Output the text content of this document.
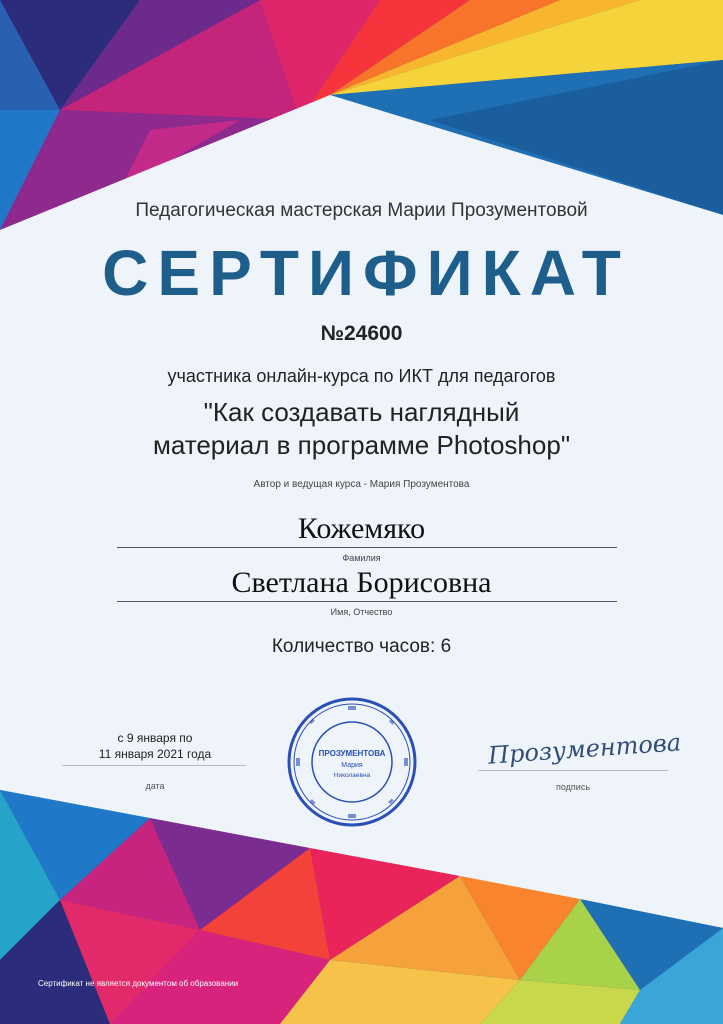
Педагогическая мастерская Марии Прозументовой
СЕРТИФИКАТ
№24600
участника онлайн-курса по ИКТ для педагогов
"Как создавать наглядный
материал в программе Photoshop"
Автор и ведущая курса - Мария Прозументова
Кожемяко
Фамилия
Светлана Борисовна
Имя, Отчество
Количество часов: 6
с 9 января по
11 января 2021 года
дата
ПРОЗУМЕНТОВА
Мария
Николаевна
Прозументова
подпись
Сертификат не является документом об образовании
